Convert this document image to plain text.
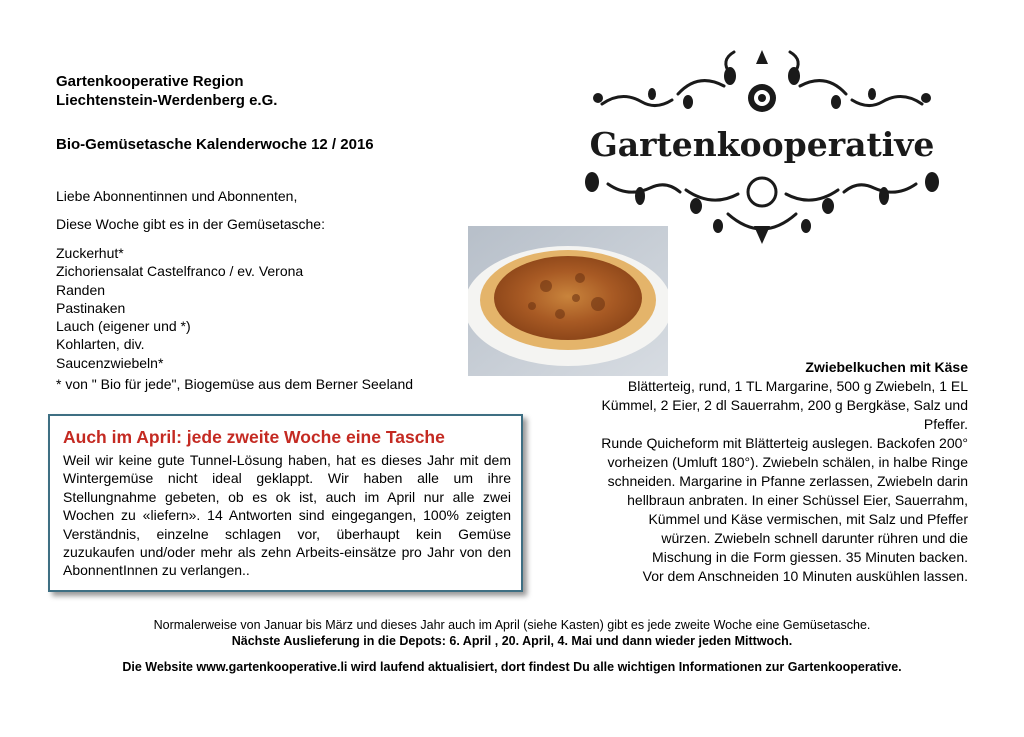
Gartenkooperative Region
Liechtenstein-Werdenberg e.G.
Bio-Gemüsetasche Kalenderwoche 12 / 2016
Liebe Abonnentinnen und Abonnenten,
Diese Woche gibt es in der Gemüsetasche:
Zuckerhut*
Zichoriensalat Castelfranco / ev. Verona
Randen
Pastinaken
Lauch (eigener und *)
Kohlarten, div.
Saucenzwiebeln*
* von " Bio für jede", Biogemüse aus dem Berner Seeland
Gartenkooperative
Auch im April: jede zweite Woche eine Tasche

Weil wir keine gute Tunnel-Lösung haben, hat es dieses Jahr mit dem Wintergemüse nicht ideal geklappt. Wir haben alle um ihre Stellungnahme gebeten, ob es ok ist, auch im April nur alle zwei Wochen zu «liefern». 14 Antworten sind eingegangen, 100% zeigten Verständnis, einzelne schlagen vor, überhaupt kein Gemüse zuzukaufen und/oder mehr als zehn Arbeits-einsätze pro Jahr von den AbonnentInnen zu verlangen..

Zwiebelkuchen mit Käse

Blätterteig, rund, 1 TL Margarine, 500 g Zwiebeln, 1 EL Kümmel, 2 Eier, 2 dl Sauerrahm, 200 g Bergkäse, Salz und Pfeffer.

Runde Quicheform mit Blätterteig auslegen. Backofen 200° vorheizen (Umluft 180°). Zwiebeln schälen, in halbe Ringe schneiden. Margarine in Pfanne zerlassen, Zwiebeln darin hellbraun anbraten. In einer Schüssel Eier, Sauerrahm, Kümmel und Käse vermischen, mit Salz und Pfeffer würzen. Zwiebeln schnell darunter rühren und die Mischung in die Form giessen. 35 Minuten backen.

Vor dem Anschneiden 10 Minuten auskühlen lassen.

Normalerweise von Januar bis März und dieses Jahr auch im April (siehe Kasten) gibt es jede zweite Woche eine Gemüsetasche.
Nächste Auslieferung in die Depots: 6. April , 20. April, 4. Mai und dann wieder jeden Mittwoch.
Die Website www.gartenkooperative.li wird laufend aktualisiert, dort findest Du alle wichtigen Informationen zur Gartenkooperative.
